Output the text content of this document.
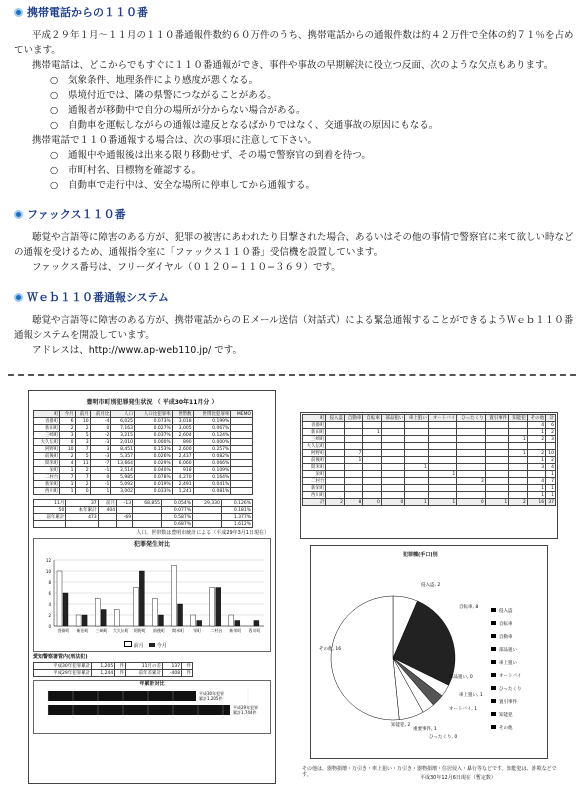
携帯電話からの１１０番
平成２９年１月〜１１月の１１０番通報件数約６０万件のうち、携帯電話からの通報件数は約４２万件で全体の約７１％を占めています。
携帯電話は、どこからでもすぐに１１０番通報ができ、事件や事故の早期解決に役立つ反面、次のような欠点もあります。
○ 気象条件、地理条件により感度が悪くなる。
○ 県境付近では、隣の県警につながることがある。
○ 通報者が移動中で自分の場所が分からない場合がある。
○ 自動車を運転しながらの通報は違反となるばかりではなく、交通事故の原因にもなる。
携帯電話で１１０番通報する場合は、次の事項に注意して下さい。
○ 通報中や通報後は出来る限り移動せず、その場で警察官の到着を待つ。
○ 市町村名、目標物を確認する。
○ 自動車で走行中は、安全な場所に停車してから通報する。
ファックス１１０番
聴覚や言語等に障害のある方が、犯罪の被害にあわれたり目撃された場合、あるいはその他の事情で警察官に来て欲しい時などの通報を受けるため、通報指令室に「ファックス１１０番」受信機を設置しています。
ファックス番号は、フリーダイヤル（０１２０−１１０−３６９）です。
Ｗｅｂ１１０番通報システム
聴覚や言語等に障害のある方が、携帯電話からのＥメール送信（対話式）による緊急通報することができるようＷｅｂ１１０番通報システムを開設しています。
アドレスは、http://www.ap-web110.jp/ です。
豊明市町別犯罪発生状況 （ 平成30年11月分 ）
町	今月	前月	前月比	人口	人口比犯罪率	世帯数	世帯比犯罪率	MEMO
沓掛町	6	10	-4	6,025	0.073%	3,018	0.199%	
新田町	2	2	0	7,163	0.027%	3,005	0.067%	
三崎町	3	5	-2	3,215	0.037%	2,604	0.124%	
大久伝町	0	3	-3	2,010	0.000%	890	0.000%	
阿野町	10	7	3	8,451	0.153%	2,600	0.257%	
前後町	2	5	-3	5,357	0.026%	2,437	0.082%	
間米町	4	11	-7	13,664	0.029%	6,060	0.066%	
栄町	1	2	-1	2,514	0.040%	918	0.109%	
二村台	7	7	0	5,985	0.078%	4,270	0.164%	
新栄町	1	2	-1	5,092	0.019%	2,491	0.041%	
西川町	1	0	1	3,002	0.033%	1,241	0.081%	
11月	37	前月	-13	68,855	0.054%	29,330	0.126%
50	本年累計	404			0.077%		0.181%
前年累計	473		-69		0.587%		1.377%
					0.687%		1.612%
人口、世帯数は豊明市統計による（平成29年3月1日現在）
犯罪発生対比
0
2
4
6
8
10
12
沓掛町 新田町 三崎町 大久伝町 阿野町 前後町 間米町 栄町 二村台 新栄町 西川町
前月	今月
愛知警察署管内(刑法犯)
平成30年犯罪累計	1,205	件	11月の差	137	件
平成29年犯罪累計	1,244	件	前年差累計	-408	件
年累計対比
平成30年犯罪
累計1,205件
平成29年犯罪
累計1,744件
町	侵入盗	自動車	自転車	部品狙い	車上狙い	オートバイ	ひったくり	置引事件	知能犯	その他	計
沓掛町										4	6
新田町			1							1	2
三崎町									1	2	3
大久伝町											
阿野町		7							1	2	10
前後町		1								1	2
間米町					1					3	4
栄町						1					1
二村台							3			4	7
新栄町										1	1
西川町										1	1
計	2	8	0	0	1	1	0	1	2	16	37
犯罪種(手口)別
侵入盗, 2
自転車, 8
部品狙い, 0
車上狙い, 1
オートバイ, 1
重要事件, 1
ひったくり, 0
知能犯, 2
その他, 16
侵入盗
自転車
自動車
部品狙い
車上狙い
オートバイ
ひったくり
置引事件
知能犯
その他
その他は、器物損壊・万引き・車上狙い・万引き・器物損壊・住居侵入・暴行等などです。知能犯は、詐欺などです。	平成30年12月6日現在（暫定数）
